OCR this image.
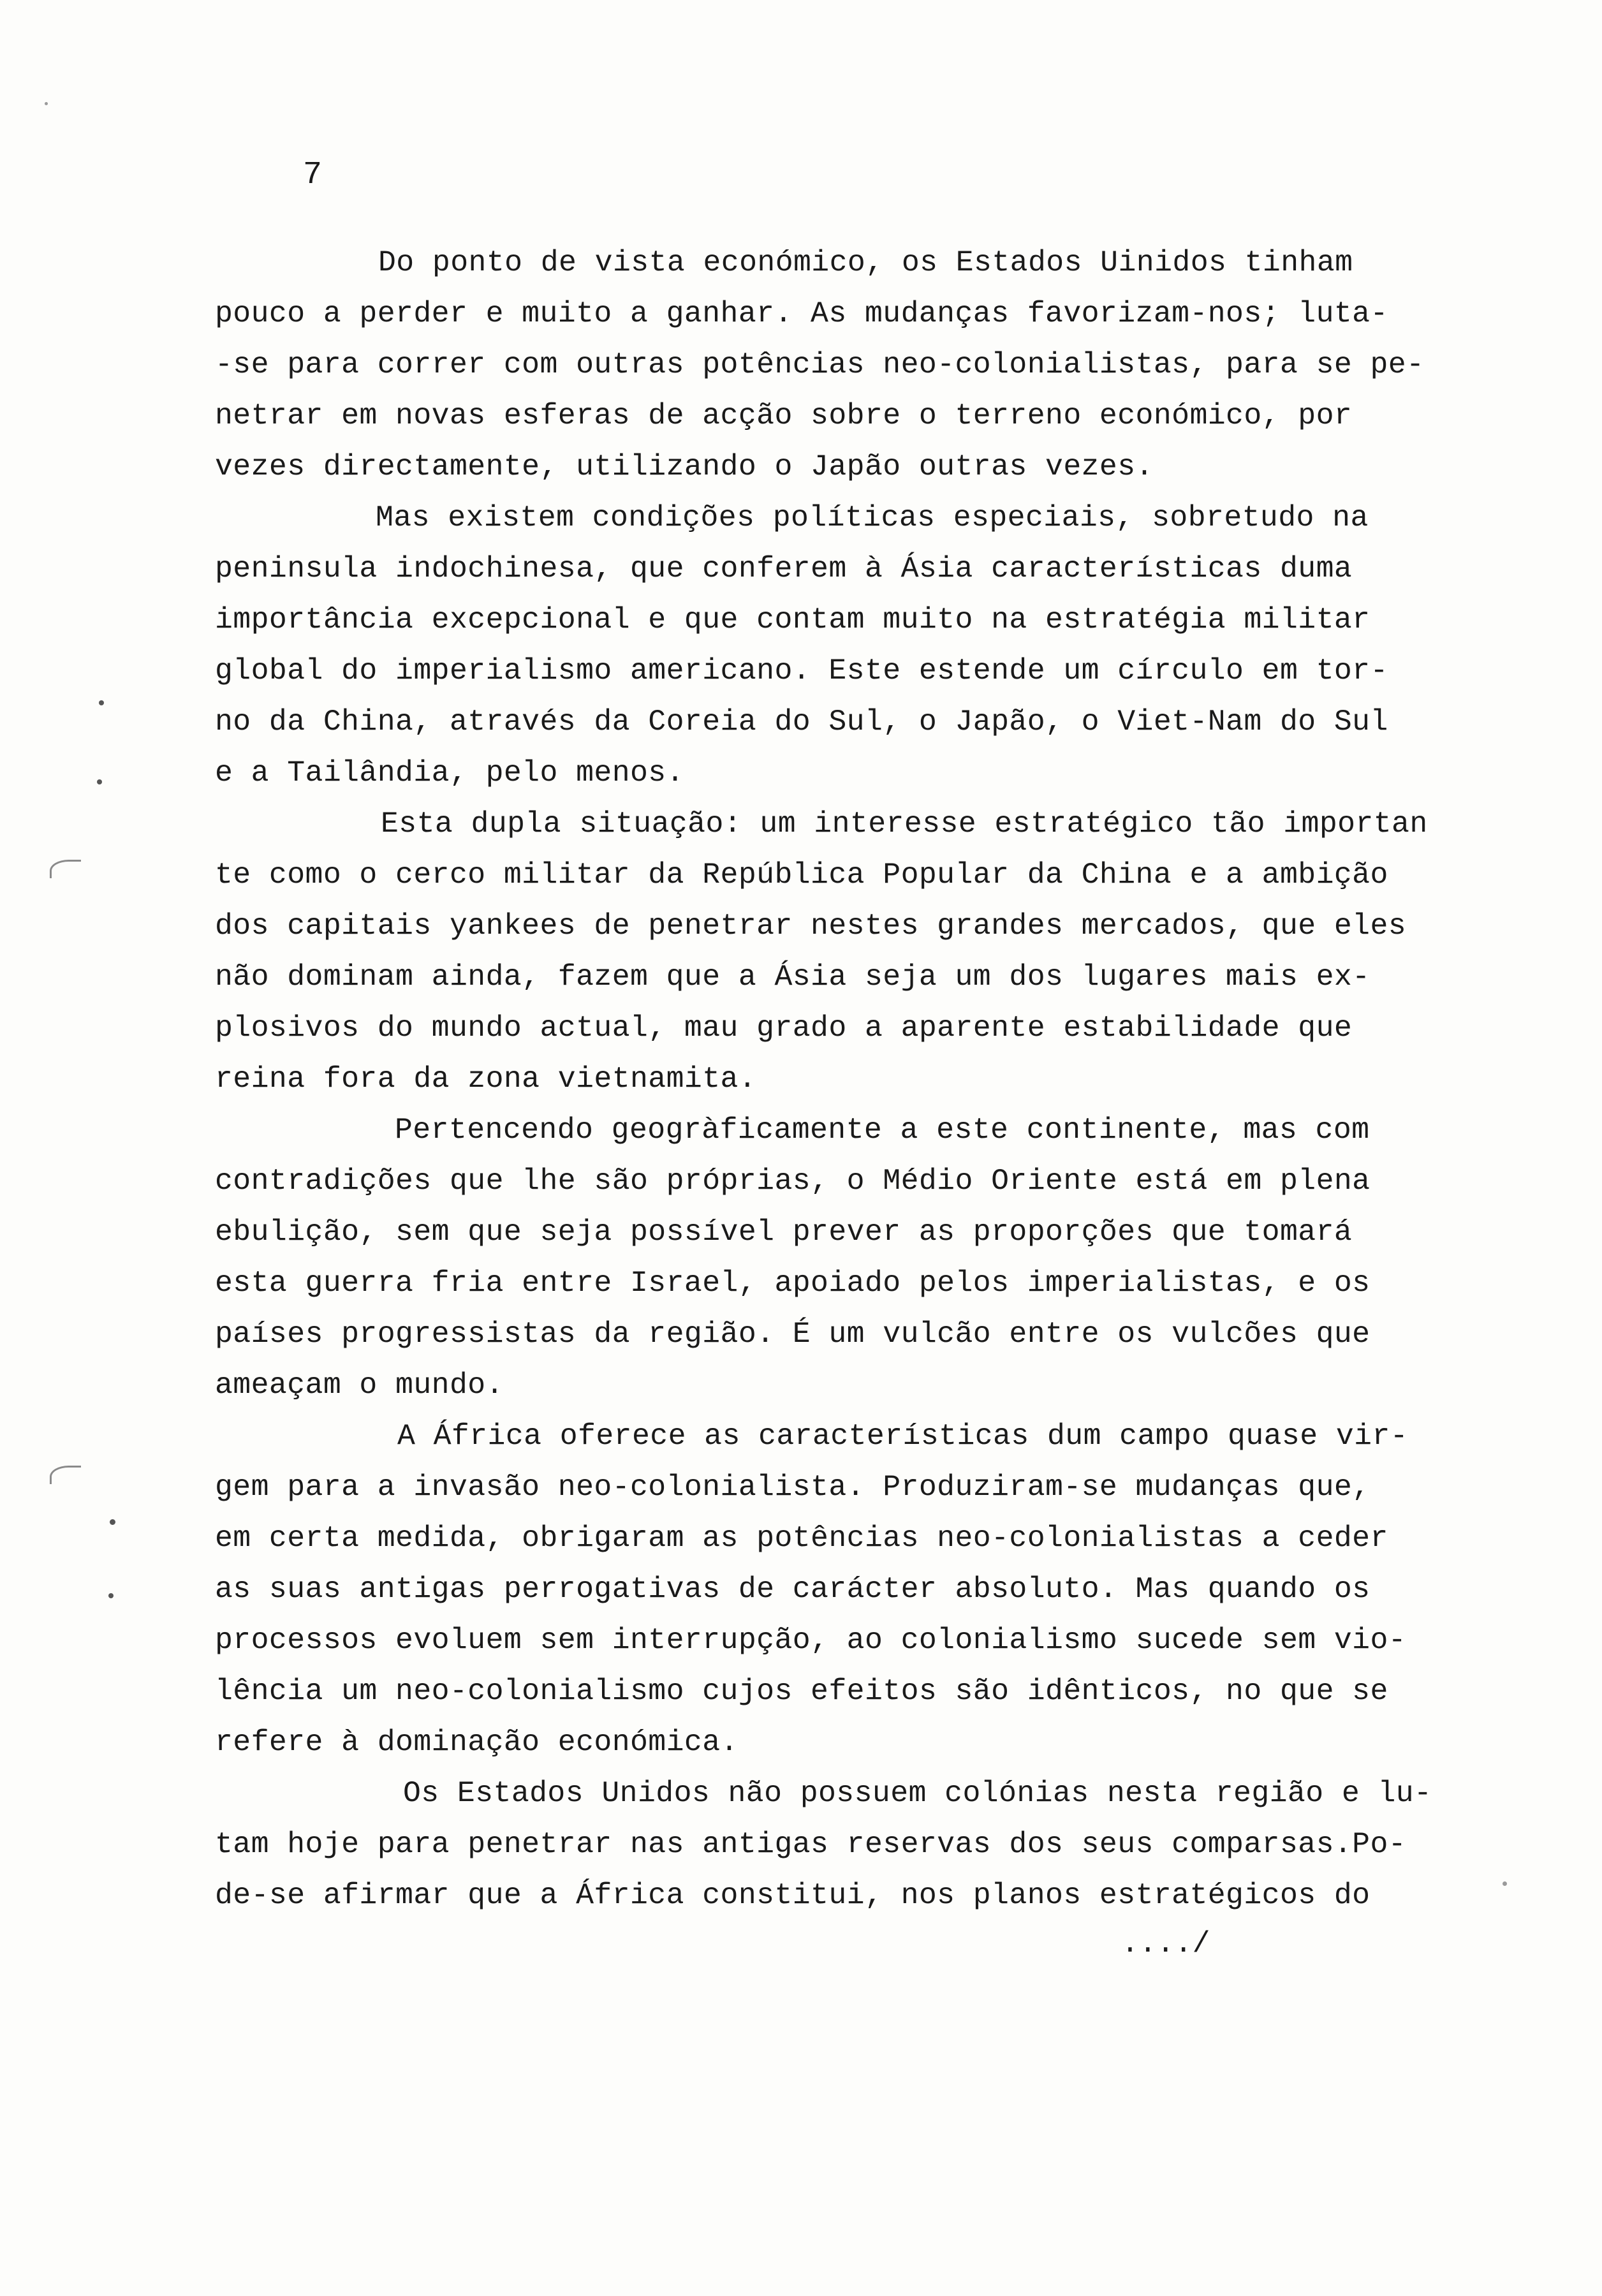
7
Do ponto de vista económico, os Estados Uinidos tinham
pouco a perder e muito a ganhar. As mudanças favorizam-nos; luta-
-se para correr com outras potências neo-colonialistas, para se pe-
netrar em novas esferas de acção sobre o terreno económico, por
vezes directamente, utilizando o Japão outras vezes.
Mas existem condições políticas especiais, sobretudo na
peninsula indochinesa, que conferem à Ásia características duma
importância excepcional e que contam muito na estratégia militar
global do imperialismo americano. Este estende um círculo em tor-
no da China, através da Coreia do Sul, o Japão, o Viet-Nam do Sul
e a Tailândia, pelo menos.
Esta dupla situação: um interesse estratégico tão importan
te como o cerco militar da República Popular da China e a ambição
dos capitais yankees de penetrar nestes grandes mercados, que eles
não dominam ainda, fazem que a Ásia seja um dos lugares mais ex-
plosivos do mundo actual, mau grado a aparente estabilidade que
reina fora da zona vietnamita.
Pertencendo geogràficamente a este continente, mas com
contradições que lhe são próprias, o Médio Oriente está em plena
ebulição, sem que seja possível prever as proporções que tomará
esta guerra fria entre Israel, apoiado pelos imperialistas, e os
países progressistas da região. É um vulcão entre os vulcões que
ameaçam o mundo.
A África oferece as características dum campo quase vir-
gem para a invasão neo-colonialista. Produziram-se mudanças que,
em certa medida, obrigaram as potências neo-colonialistas a ceder
as suas antigas perrogativas de carácter absoluto. Mas quando os
processos evoluem sem interrupção, ao colonialismo sucede sem vio-
lência um neo-colonialismo cujos efeitos são idênticos, no que se
refere à dominação económica.
Os Estados Unidos não possuem colónias nesta região e lu-
tam hoje para penetrar nas antigas reservas dos seus comparsas.Po-
de-se afirmar que a África constitui, nos planos estratégicos do
..../
